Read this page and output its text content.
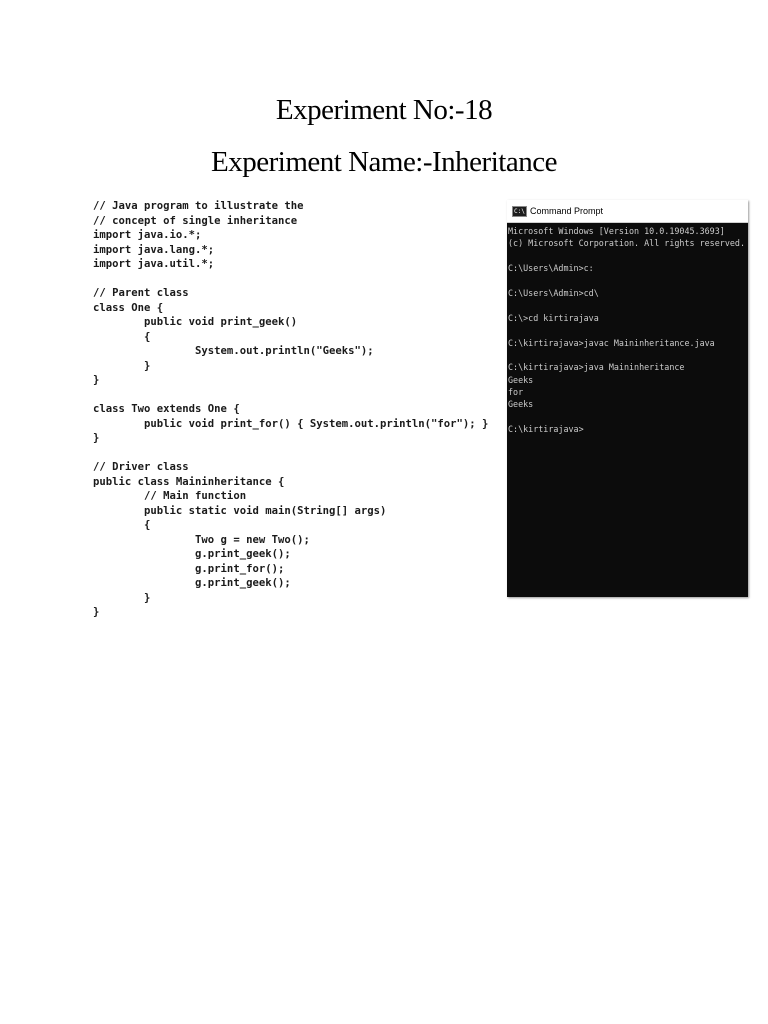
Experiment No:-18
Experiment Name:-Inheritance
// Java program to illustrate the
// concept of single inheritance
import java.io.*;
import java.lang.*;
import java.util.*;
// Parent class
class One {
public void print_geek()
{
System.out.println("Geeks");
}
}
class Two extends One {
public void print_for() { System.out.println("for"); }
}
// Driver class
public class Maininheritance {
// Main function
public static void main(String[] args)
{
Two g = new Two();
g.print_geek();
g.print_for();
g.print_geek();
}
}
C:\ Command Prompt
Microsoft Windows [Version 10.0.19045.3693]
(c) Microsoft Corporation. All rights reserved.
C:\Users\Admin>c:
C:\Users\Admin>cd\
C:\>cd kirtirajava
C:\kirtirajava>javac Maininheritance.java
C:\kirtirajava>java Maininheritance
Geeks
for
Geeks
C:\kirtirajava>
